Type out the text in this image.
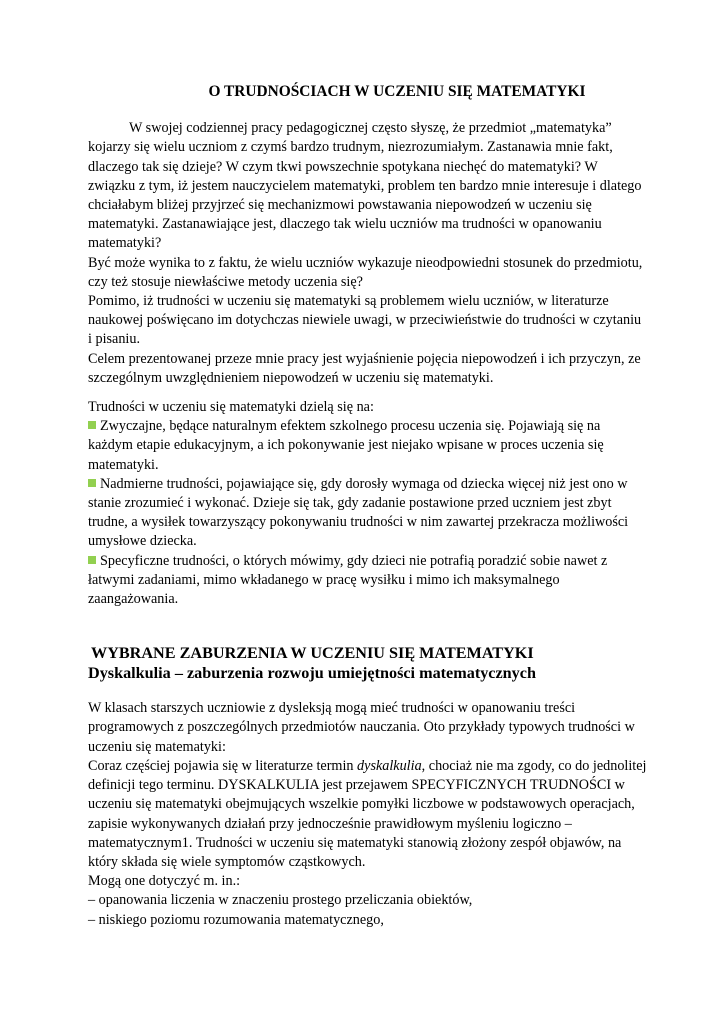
O TRUDNOŚCIACH W UCZENIU SIĘ MATEMATYKI

W swojej codziennej pracy pedagogicznej często słyszę, że przedmiot „matematyka” kojarzy się wielu uczniom z czymś bardzo trudnym, niezrozumiałym. Zastanawia mnie fakt, dlaczego tak się dzieje? W czym tkwi powszechnie spotykana niechęć do matematyki? W związku z tym, iż jestem nauczycielem matematyki, problem ten bardzo mnie interesuje i dlatego chciałabym bliżej przyjrzeć się mechanizmowi powstawania niepowodzeń w uczeniu się matematyki. Zastanawiające jest, dlaczego tak wielu uczniów ma trudności w opanowaniu matematyki?

Być może wynika to z faktu, że wielu uczniów wykazuje nieodpowiedni stosunek do przedmiotu, czy też stosuje niewłaściwe metody uczenia się?

Pomimo, iż trudności w uczeniu się matematyki są problemem wielu uczniów, w literaturze naukowej poświęcano im dotychczas niewiele uwagi, w przeciwieństwie do trudności w czytaniu i pisaniu.

Celem prezentowanej przeze mnie pracy jest wyjaśnienie pojęcia niepowodzeń i ich przyczyn, ze szczególnym uwzględnieniem niepowodzeń w uczeniu się matematyki.

Trudności w uczeniu się matematyki dzielą się na:

Zwyczajne, będące naturalnym efektem szkolnego procesu uczenia się. Pojawiają się na każdym etapie edukacyjnym, a ich pokonywanie jest niejako wpisane w proces uczenia się matematyki.

Nadmierne trudności, pojawiające się, gdy dorosły wymaga od dziecka więcej niż jest ono w stanie zrozumieć i wykonać. Dzieje się tak, gdy zadanie postawione przed uczniem jest zbyt trudne, a wysiłek towarzyszący pokonywaniu trudności w nim zawartej przekracza możliwości umysłowe dziecka.

Specyficzne trudności, o których mówimy, gdy dzieci nie potrafią poradzić sobie nawet z łatwymi zadaniami, mimo wkładanego w pracę wysiłku i mimo ich maksymalnego zaangażowania.

WYBRANE ZABURZENIA W UCZENIU SIĘ MATEMATYKI
Dyskalkulia – zaburzenia rozwoju umiejętności matematycznych

W klasach starszych uczniowie z dysleksją mogą mieć trudności w opanowaniu treści programowych z poszczególnych przedmiotów nauczania. Oto przykłady typowych trudności w uczeniu się matematyki:

Coraz częściej pojawia się w literaturze termin dyskalkulia, chociaż nie ma zgody, co do jednolitej definicji tego terminu. DYSKALKULIA jest przejawem SPECYFICZNYCH TRUDNOŚCI w uczeniu się matematyki obejmujących wszelkie pomyłki liczbowe w podstawowych operacjach, zapisie wykonywanych działań przy jednocześnie prawidłowym myśleniu logiczno – matematycznym1. Trudności w uczeniu się matematyki stanowią złożony zespół objawów, na który składa się wiele symptomów cząstkowych.

Mogą one dotyczyć m. in.:

– opanowania liczenia w znaczeniu prostego przeliczania obiektów,

– niskiego poziomu rozumowania matematycznego,
